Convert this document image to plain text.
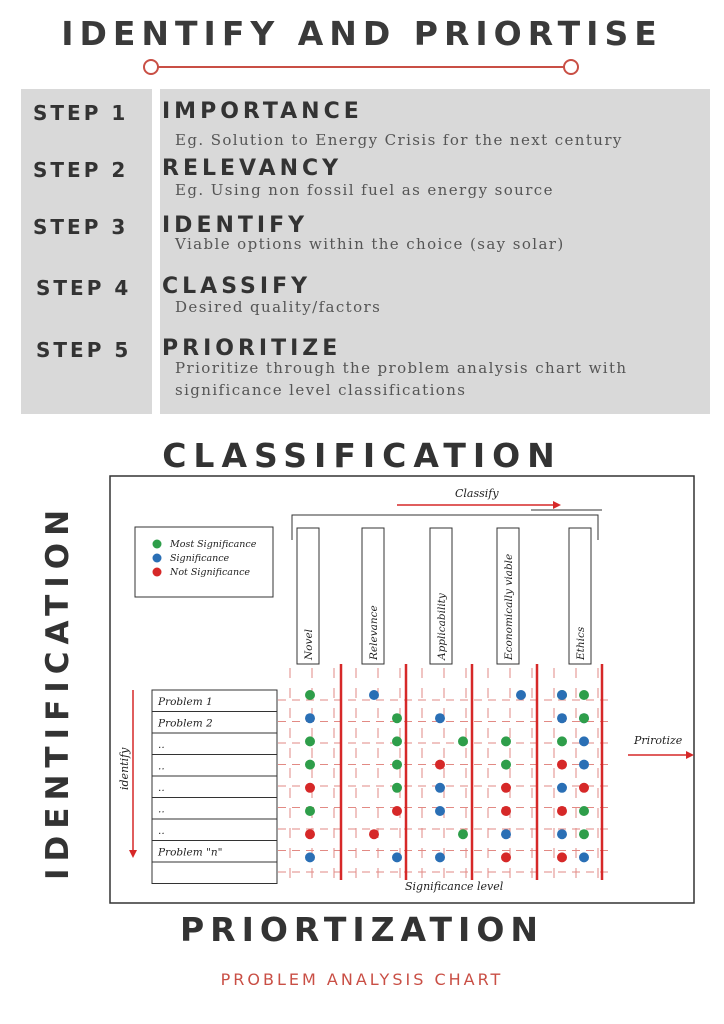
IDENTIFY AND PRIORTISE
STEP 1 IMPORTANCE
Eg. Solution to Energy Crisis for the next century
STEP 2 RELEVANCY
Eg. Using non fossil fuel as energy source
STEP 3 IDENTIFY
Viable options within the choice (say solar)
STEP 4 CLASSIFY
Desired quality/factors
STEP 5 PRIORITIZE
Prioritize through the problem analysis chart with significance level classifications
CLASSIFICATION
IDENTIFICATION
Classify
Most Significance
Significance
Not Significance
Novel	Relevance	Applicability	Economically viable	Ethics
Problem 1
Problem 2
..
..
..
..
..
Problem "n"
identify
Prirotize
Significance level
PRIORTIZATION
PROBLEM ANALYSIS CHART
